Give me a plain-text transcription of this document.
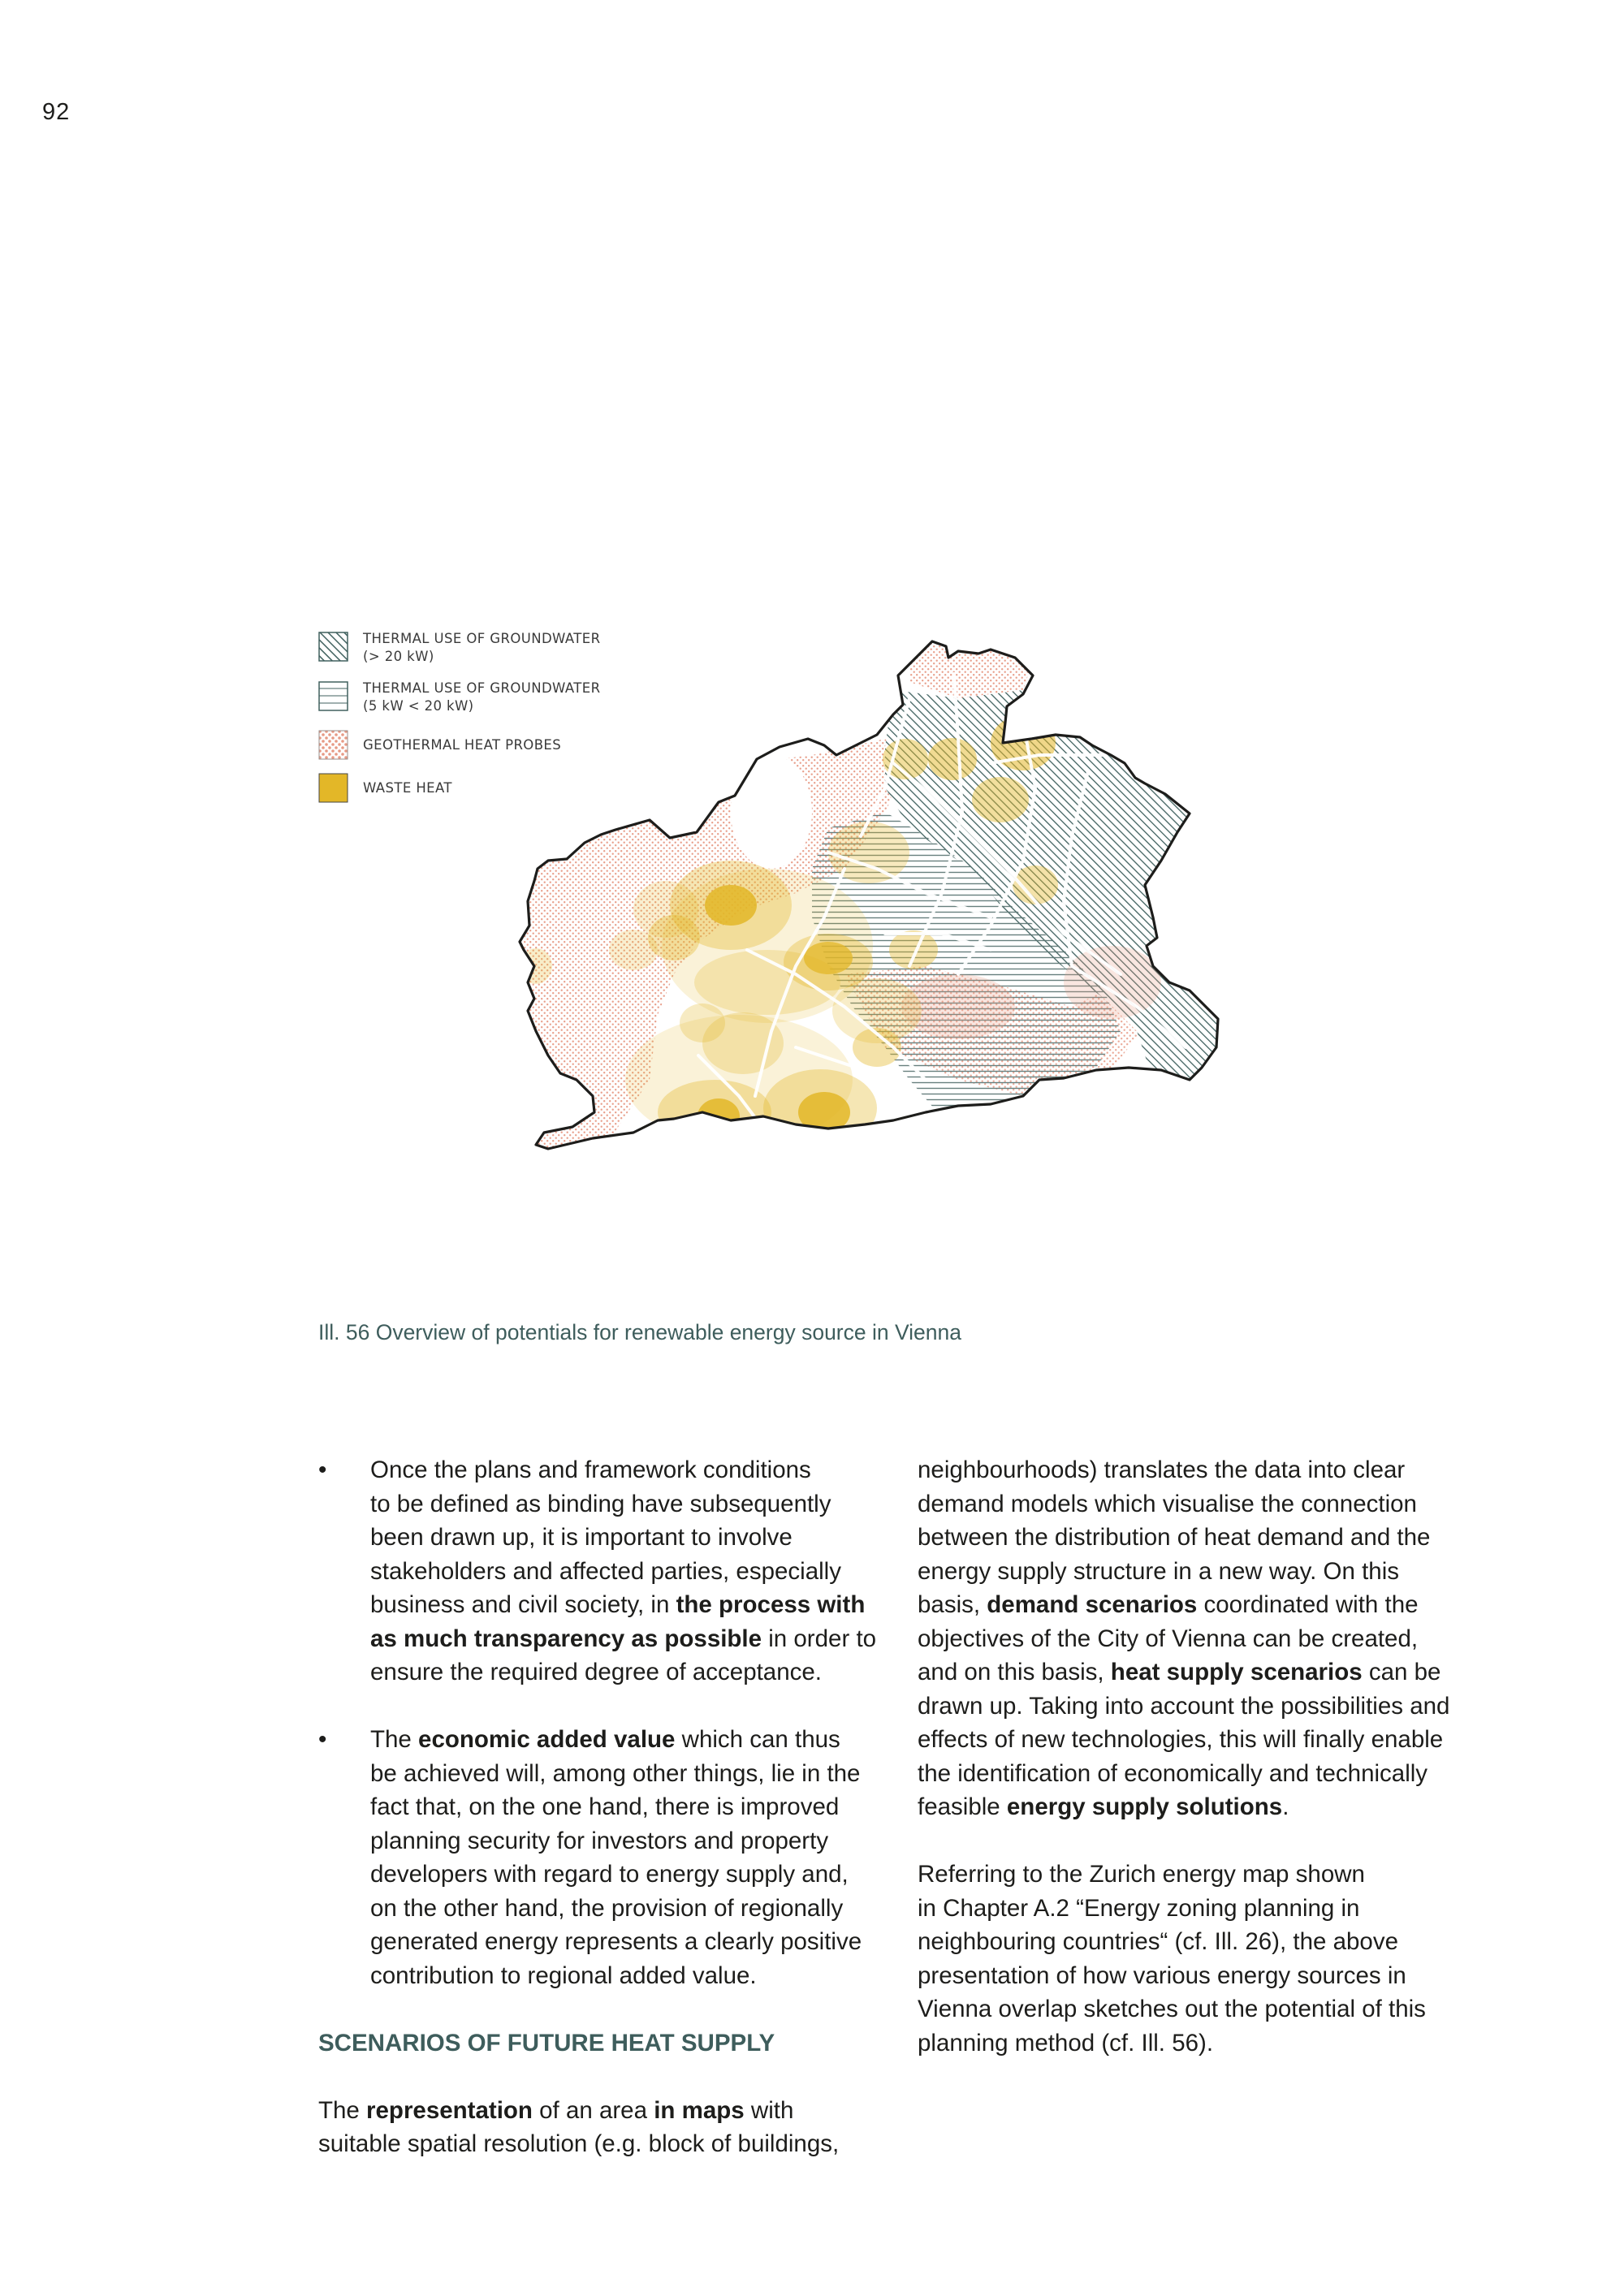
92
THERMAL USE OF GROUNDWATER
(> 20 kW)
THERMAL USE OF GROUNDWATER
(5 kW < 20 kW)
GEOTHERMAL HEAT PROBES
WASTE HEAT
Ill. 56 Overview of potentials for renewable energy source in Vienna
•	Once the plans and framework conditions
to be defined as binding have subsequently
been drawn up, it is important to involve
stakeholders and affected parties, especially
business and civil society, in the process with
as much transparency as possible in order to
ensure the required degree of acceptance.
•	The economic added value which can thus
be achieved will, among other things, lie in the
fact that, on the one hand, there is improved
planning security for investors and property
developers with regard to energy supply and,
on the other hand, the provision of regionally
generated energy represents a clearly positive
contribution to regional added value.
SCENARIOS OF FUTURE HEAT SUPPLY
The representation of an area in maps with
suitable spatial resolution (e.g. block of buildings,
neighbourhoods) translates the data into clear
demand models which visualise the connection
between the distribution of heat demand and the
energy supply structure in a new way. On this
basis, demand scenarios coordinated with the
objectives of the City of Vienna can be created,
and on this basis, heat supply scenarios can be
drawn up. Taking into account the possibilities and
effects of new technologies, this will finally enable
the identification of economically and technically
feasible energy supply solutions.
Referring to the Zurich energy map shown
in Chapter A.2 “Energy zoning planning in
neighbouring countries“ (cf. Ill. 26), the above
presentation of how various energy sources in
Vienna overlap sketches out the potential of this
planning method (cf. Ill. 56).
